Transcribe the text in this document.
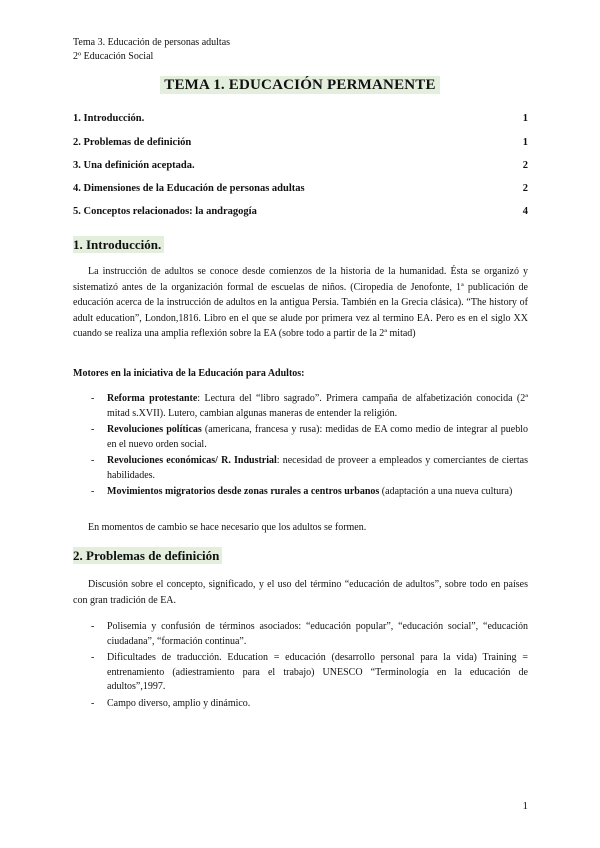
Tema 3. Educación de personas adultas
2º Educación Social
TEMA 1. EDUCACIÓN PERMANENTE
1. Introducción.	1
2. Problemas de definición	1
3. Una definición aceptada.	2
4. Dimensiones de la Educación de personas adultas	2
5. Conceptos relacionados: la andragogía	4
1. Introducción.
La instrucción de adultos se conoce desde comienzos de la historia de la humanidad. Ésta se organizó y sistematizó antes de la organización formal de escuelas de niños. (Ciropedia de Jenofonte, 1ª publicación de educación acerca de la instrucción de adultos en la antigua Persia. También en la Grecia clásica). “The history of adult education”, London,1816. Libro en el que se alude por primera vez al termino EA. Pero es en el siglo XX cuando se realiza una amplia reflexión sobre la EA (sobre todo a partir de la 2ª mitad)
Motores en la iniciativa de la Educación para Adultos:
- Reforma protestante: Lectura del “libro sagrado”. Primera campaña de alfabetización conocida (2ª mitad s.XVII). Lutero, cambian algunas maneras de entender la religión.
- Revoluciones políticas (americana, francesa y rusa): medidas de EA como medio de integrar al pueblo en el nuevo orden social.
- Revoluciones económicas/ R. Industrial: necesidad de proveer a empleados y comerciantes de ciertas habilidades.
- Movimientos migratorios desde zonas rurales a centros urbanos (adaptación a una nueva cultura)
En momentos de cambio se hace necesario que los adultos se formen.
2. Problemas de definición
Discusión sobre el concepto, significado, y el uso del término “educación de adultos”, sobre todo en países con gran tradición de EA.
- Polisemia y confusión de términos asociados: “educación popular”, “educación social”, “educación ciudadana”, “formación continua”.
- Dificultades de traducción. Education = educación (desarrollo personal para la vida) Training = entrenamiento (adiestramiento para el trabajo) UNESCO “Terminología en la educación de adultos”,1997.
- Campo diverso, amplio y dinámico.
1
